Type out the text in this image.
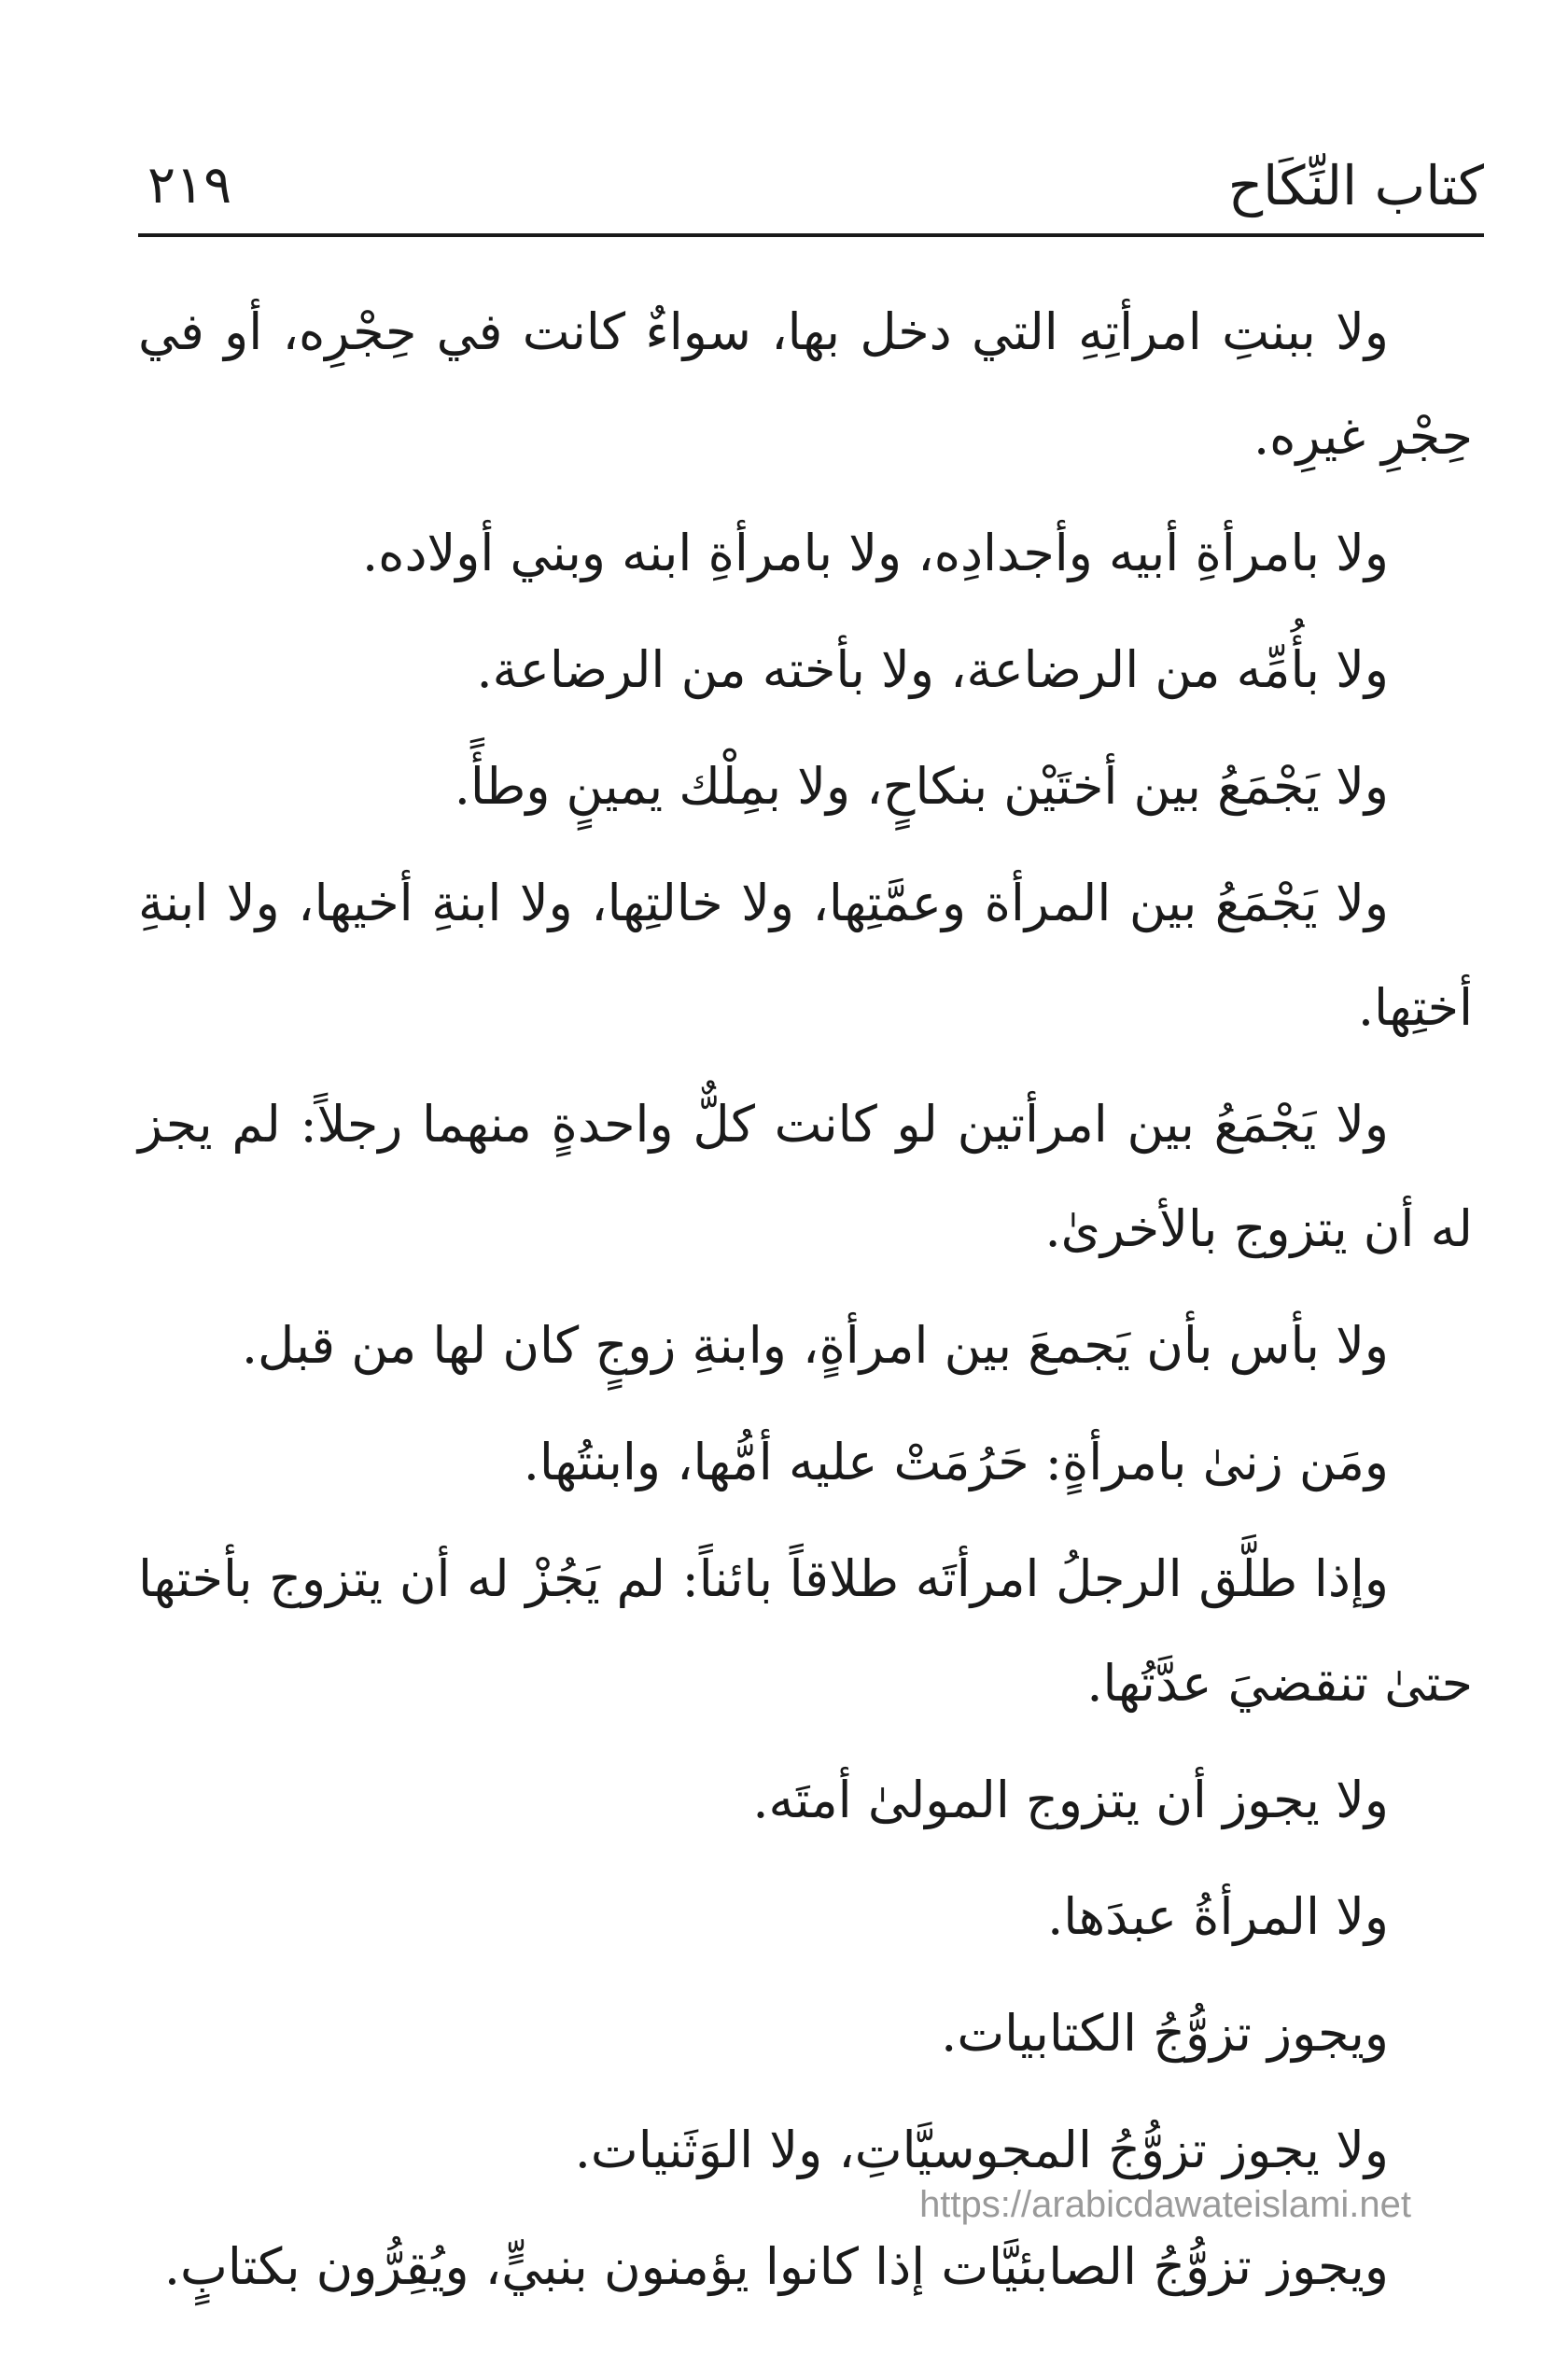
كتاب النِّكَاح
٢١٩

ولا ببنتِ امرأتِهِ التي دخل بها، سواءٌ كانت في حِجْرِه، أو في حِجْرِ غيرِه.

ولا بامرأةِ أبيه وأجدادِه، ولا بامرأةِ ابنه وبني أولاده.

ولا بأُمِّه من الرضاعة، ولا بأخته من الرضاعة.

ولا يَجْمَعُ بين أختَيْن بنكاحٍ، ولا بمِلْك يمينٍ وطأً.

ولا يَجْمَعُ بين المرأة وعمَّتِها، ولا خالتِها، ولا ابنةِ أخيها، ولا ابنةِ أختِها.

ولا يَجْمَعُ بين امرأتين لو كانت كلٌّ واحدةٍ منهما رجلاً: لم يجز له أن يتزوج بالأخرىٰ.

ولا بأس بأن يَجمعَ بين امرأةٍ، وابنةِ زوجٍ كان لها من قبل.

ومَن زنىٰ بامرأةٍ: حَرُمَتْ عليه أمُّها، وابنتُها.

وإذا طلَّق الرجلُ امرأتَه طلاقاً بائناً: لم يَجُزْ له أن يتزوج بأختها حتىٰ تنقضيَ عدَّتُها.

ولا يجوز أن يتزوج المولىٰ أمتَه.

ولا المرأةُ عبدَها.

ويجوز تزوُّجُ الكتابيات.

ولا يجوز تزوُّجُ المجوسيَّاتِ، ولا الوَثَنيات.

ويجوز تزوُّجُ الصابئيَّات إذا كانوا يؤمنون بنبيٍّ، ويُقِرُّون بكتابٍ.

https://arabicdawateislami.net
